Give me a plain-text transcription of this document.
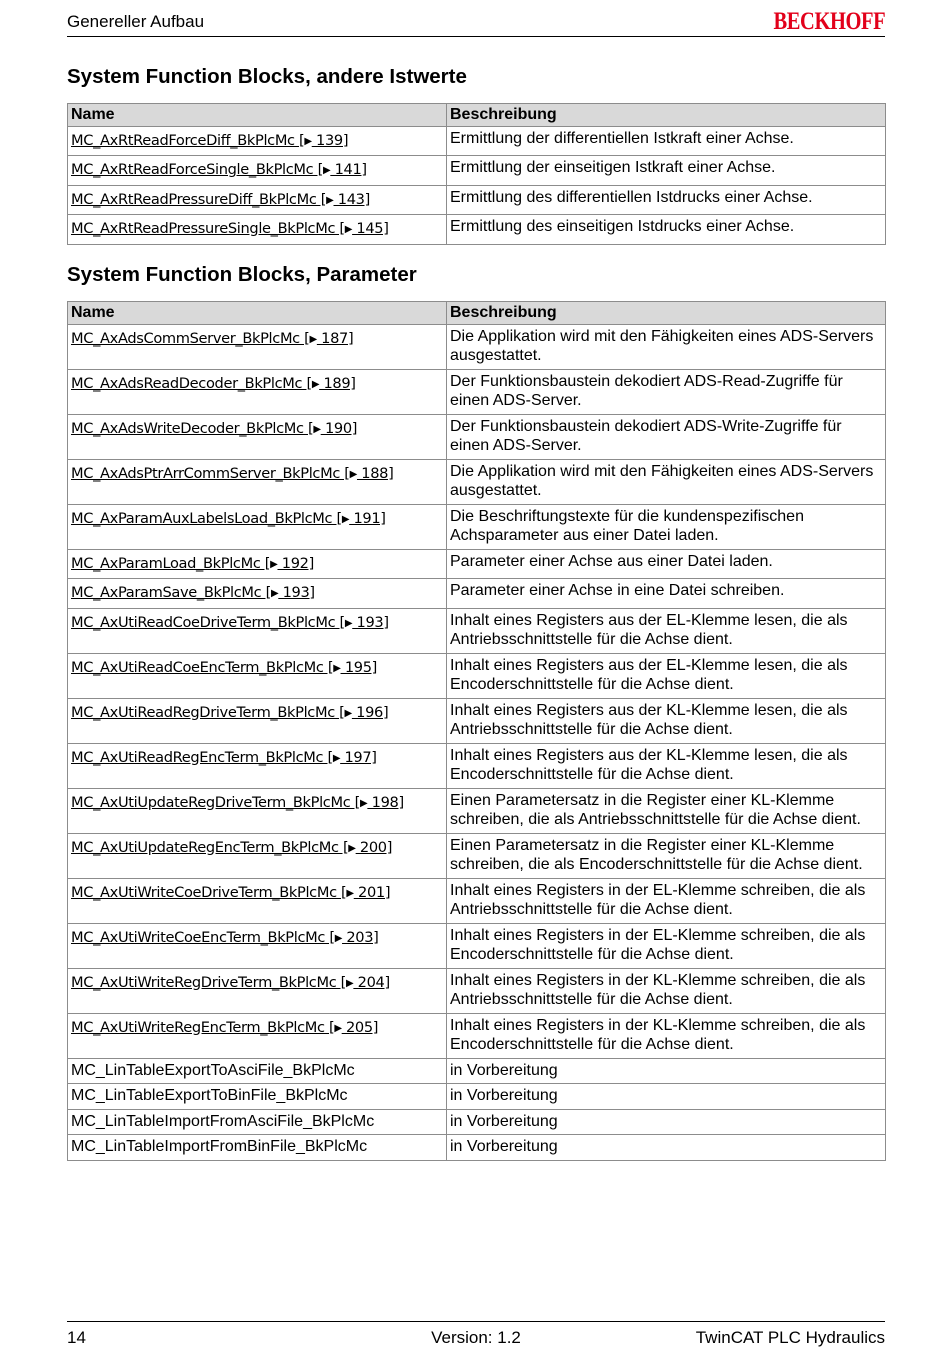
Genereller Aufbau	BECKHOFF
System Function Blocks, andere Istwerte
Name	Beschreibung
MC_AxRtReadForceDiff_BkPlcMc [▶ 139]	Ermittlung der differentiellen Istkraft einer Achse.
MC_AxRtReadForceSingle_BkPlcMc [▶ 141]	Ermittlung der einseitigen Istkraft einer Achse.
MC_AxRtReadPressureDiff_BkPlcMc [▶ 143]	Ermittlung des differentiellen Istdrucks einer Achse.
MC_AxRtReadPressureSingle_BkPlcMc [▶ 145]	Ermittlung des einseitigen Istdrucks einer Achse.
System Function Blocks, Parameter
Name	Beschreibung
MC_AxAdsCommServer_BkPlcMc [▶ 187]	Die Applikation wird mit den Fähigkeiten eines ADS-Servers ausgestattet.
MC_AxAdsReadDecoder_BkPlcMc [▶ 189]	Der Funktionsbaustein dekodiert ADS-Read-Zugriffe für einen ADS-Server.
MC_AxAdsWriteDecoder_BkPlcMc [▶ 190]	Der Funktionsbaustein dekodiert ADS-Write-Zugriffe für einen ADS-Server.
MC_AxAdsPtrArrCommServer_BkPlcMc [▶ 188]	Die Applikation wird mit den Fähigkeiten eines ADS-Servers ausgestattet.
MC_AxParamAuxLabelsLoad_BkPlcMc [▶ 191]	Die Beschriftungstexte für die kundenspezifischen Achsparameter aus einer Datei laden.
MC_AxParamLoad_BkPlcMc [▶ 192]	Parameter einer Achse aus einer Datei laden.
MC_AxParamSave_BkPlcMc [▶ 193]	Parameter einer Achse in eine Datei schreiben.
MC_AxUtiReadCoeDriveTerm_BkPlcMc [▶ 193]	Inhalt eines Registers aus der EL-Klemme lesen, die als Antriebsschnittstelle für die Achse dient.
MC_AxUtiReadCoeEncTerm_BkPlcMc [▶ 195]	Inhalt eines Registers aus der EL-Klemme lesen, die als Encoderschnittstelle für die Achse dient.
MC_AxUtiReadRegDriveTerm_BkPlcMc [▶ 196]	Inhalt eines Registers aus der KL-Klemme lesen, die als Antriebsschnittstelle für die Achse dient.
MC_AxUtiReadRegEncTerm_BkPlcMc [▶ 197]	Inhalt eines Registers aus der KL-Klemme lesen, die als Encoderschnittstelle für die Achse dient.
MC_AxUtiUpdateRegDriveTerm_BkPlcMc [▶ 198]	Einen Parametersatz in die Register einer KL-Klemme schreiben, die als Antriebsschnittstelle für die Achse dient.
MC_AxUtiUpdateRegEncTerm_BkPlcMc [▶ 200]	Einen Parametersatz in die Register einer KL-Klemme schreiben, die als Encoderschnittstelle für die Achse dient.
MC_AxUtiWriteCoeDriveTerm_BkPlcMc [▶ 201]	Inhalt eines Registers in der EL-Klemme schreiben, die als Antriebsschnittstelle für die Achse dient.
MC_AxUtiWriteCoeEncTerm_BkPlcMc [▶ 203]	Inhalt eines Registers in der EL-Klemme schreiben, die als Encoderschnittstelle für die Achse dient.
MC_AxUtiWriteRegDriveTerm_BkPlcMc [▶ 204]	Inhalt eines Registers in der KL-Klemme schreiben, die als Antriebsschnittstelle für die Achse dient.
MC_AxUtiWriteRegEncTerm_BkPlcMc [▶ 205]	Inhalt eines Registers in der KL-Klemme schreiben, die als Encoderschnittstelle für die Achse dient.
MC_LinTableExportToAsciFile_BkPlcMc	in Vorbereitung
MC_LinTableExportToBinFile_BkPlcMc	in Vorbereitung
MC_LinTableImportFromAsciFile_BkPlcMc	in Vorbereitung
MC_LinTableImportFromBinFile_BkPlcMc	in Vorbereitung
14	Version: 1.2	TwinCAT PLC Hydraulics
